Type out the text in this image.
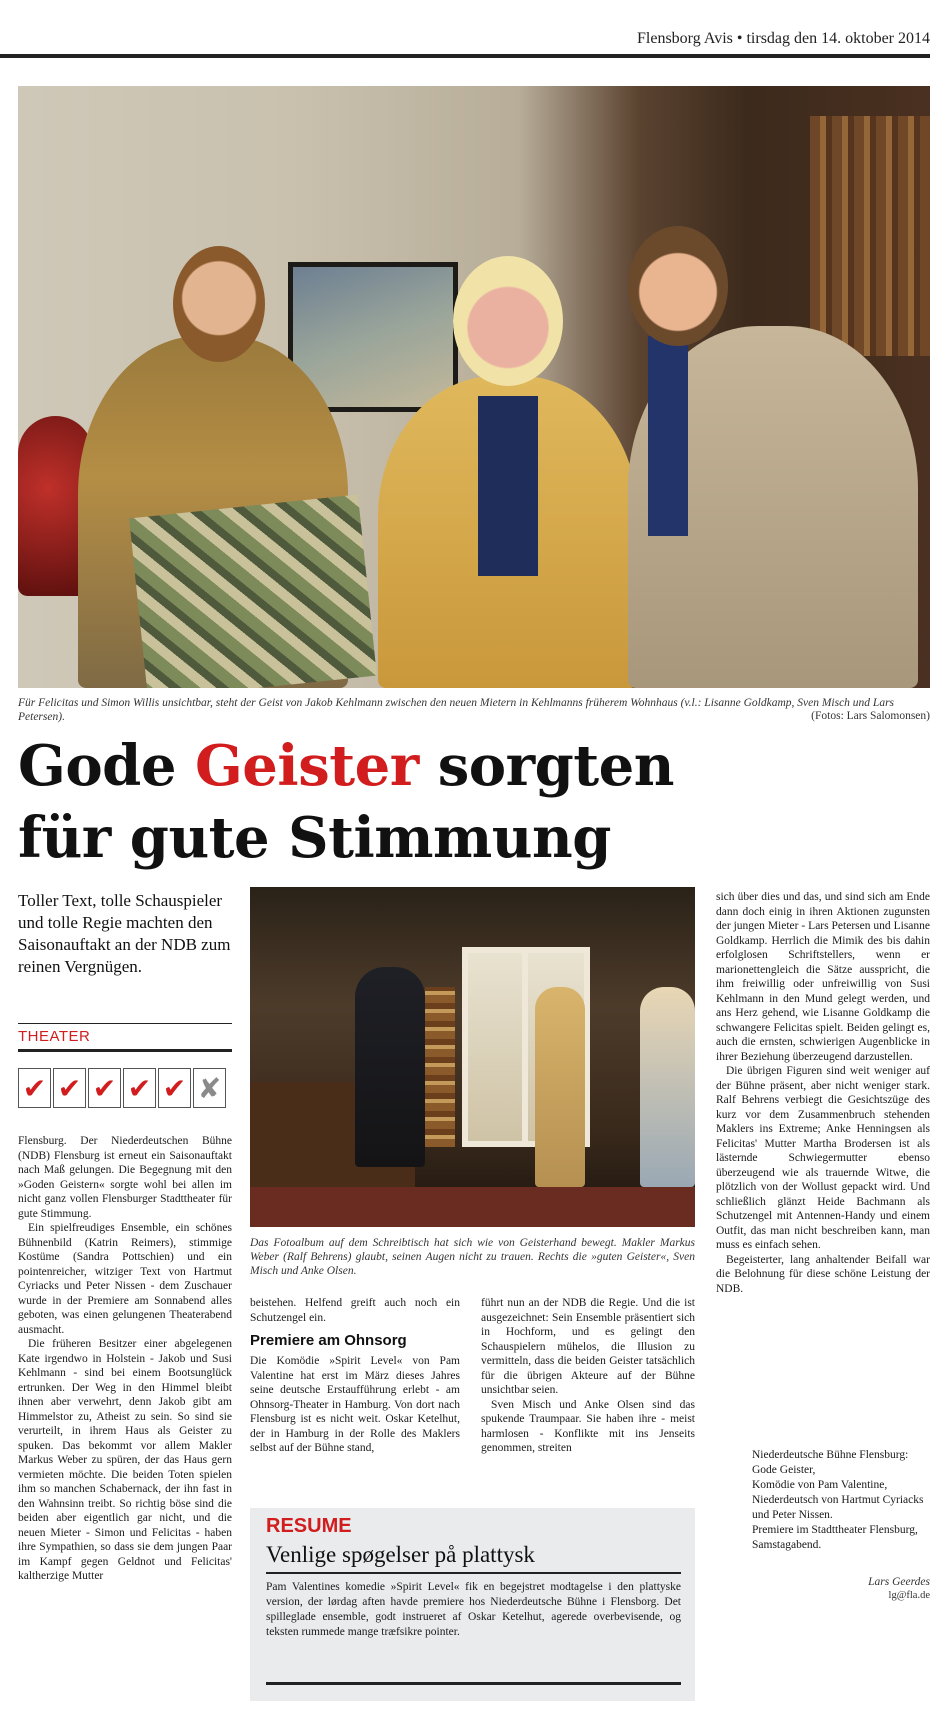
Flensborg Avis • tirsdag den 14. oktober 2014
Für Felicitas und Simon Willis unsichtbar, steht der Geist von Jakob Kehlmann zwischen den neuen Mietern in Kehlmanns früherem Wohnhaus (v.l.: Lisanne Goldkamp, Sven Misch und Lars Petersen).	(Fotos: Lars Salomonsen)
Gode Geister sorgten
für gute Stimmung
Toller Text, tolle Schauspieler und tolle Regie machten den Saisonauftakt an der NDB zum reinen Vergnügen.
THEATER
✔ ✔ ✔ ✔ ✔ ✘

Flensburg. Der Niederdeutschen Bühne (NDB) Flensburg ist erneut ein Saisonauftakt nach Maß gelungen. Die Begegnung mit den »Goden Geistern« sorgte wohl bei allen im nicht ganz vollen Flensburger Stadttheater für gute Stimmung.

Ein spielfreudiges Ensemble, ein schönes Bühnenbild (Katrin Reimers), stimmige Kostüme (Sandra Pottschien) und ein pointenreicher, witziger Text von Hartmut Cyriacks und Peter Nissen - dem Zuschauer wurde in der Premiere am Sonnabend alles geboten, was einen gelungenen Theaterabend ausmacht.

Die früheren Besitzer einer abgelegenen Kate irgendwo in Holstein - Jakob und Susi Kehlmann - sind bei einem Bootsunglück ertrunken. Der Weg in den Himmel bleibt ihnen aber verwehrt, denn Jakob gibt am Himmelstor zu, Atheist zu sein. So sind sie verurteilt, in ihrem Haus als Geister zu spuken. Das bekommt vor allem Makler Markus Weber zu spüren, der das Haus gern vermieten möchte. Die beiden Toten spielen ihm so manchen Schabernack, der ihn fast in den Wahnsinn treibt. So richtig böse sind die beiden aber eigentlich gar nicht, und die neuen Mieter - Simon und Felicitas - haben ihre Sympathien, so dass sie dem jungen Paar im Kampf gegen Geldnot und Felicitas' kaltherzige Mutter

Das Fotoalbum auf dem Schreibtisch hat sich wie von Geisterhand bewegt. Makler Markus Weber (Ralf Behrens) glaubt, seinen Augen nicht zu trauen. Rechts die »guten Geister«, Sven Misch und Anke Olsen.

beistehen. Helfend greift auch noch ein Schutzengel ein.

Premiere am Ohnsorg

Die Komödie »Spirit Level« von Pam Valentine hat erst im März dieses Jahres seine deutsche Erstaufführung erlebt - am Ohnsorg-Theater in Hamburg. Von dort nach Flensburg ist es nicht weit. Oskar Ketelhut, der in Hamburg in der Rolle des Maklers selbst auf der Bühne stand,

führt nun an der NDB die Regie. Und die ist ausgezeichnet: Sein Ensemble präsentiert sich in Hochform, und es gelingt den Schauspielern mühelos, die Illusion zu vermitteln, dass die beiden Geister tatsächlich für die übrigen Akteure auf der Bühne unsichtbar seien.

Sven Misch und Anke Olsen sind das spukende Traumpaar. Sie haben ihre - meist harmlosen - Konflikte mit ins Jenseits genommen, streiten

sich über dies und das, und sind sich am Ende dann doch einig in ihren Aktionen zugunsten der jungen Mieter - Lars Petersen und Lisanne Goldkamp. Herrlich die Mimik des bis dahin erfolglosen Schriftstellers, wenn er marionettengleich die Sätze ausspricht, die ihm freiwillig oder unfreiwillig von Susi Kehlmann in den Mund gelegt werden, und ans Herz gehend, wie Lisanne Goldkamp die schwangere Felicitas spielt. Beiden gelingt es, auch die ernsten, schwierigen Augenblicke in ihrer Beziehung überzeugend darzustellen.

Die übrigen Figuren sind weit weniger auf der Bühne präsent, aber nicht weniger stark. Ralf Behrens verbiegt die Gesichtszüge des kurz vor dem Zusammenbruch stehenden Maklers ins Extreme; Anke Henningsen als Felicitas' Mutter Martha Brodersen ist als lästernde Schwiegermutter ebenso überzeugend wie als trauernde Witwe, die plötzlich von der Wollust gepackt wird. Und schließlich glänzt Heide Bachmann als Schutzengel mit Antennen-Handy und einem Outfit, das man nicht beschreiben kann, man muss es einfach sehen.

Begeisterter, lang anhaltender Beifall war die Belohnung für diese schöne Leistung der NDB.

RESUME
Venlige spøgelser på plattysk
Pam Valentines komedie »Spirit Level« fik en begejstret modtagelse i den plattyske version, der lørdag aften havde premiere hos Niederdeutsche Bühne i Flensborg. Det spilleglade ensemble, godt instrueret af Oskar Ketelhut, agerede overbevisende, og teksten rummede mange træfsikre pointer.
Niederdeutsche Bühne Flensburg: Gode Geister,
Komödie von Pam Valentine,
Niederdeutsch von Hartmut Cyriacks und Peter Nissen.
Premiere im Stadttheater Flensburg, Samstagabend.
Lars Geerdes
lg@fla.de
